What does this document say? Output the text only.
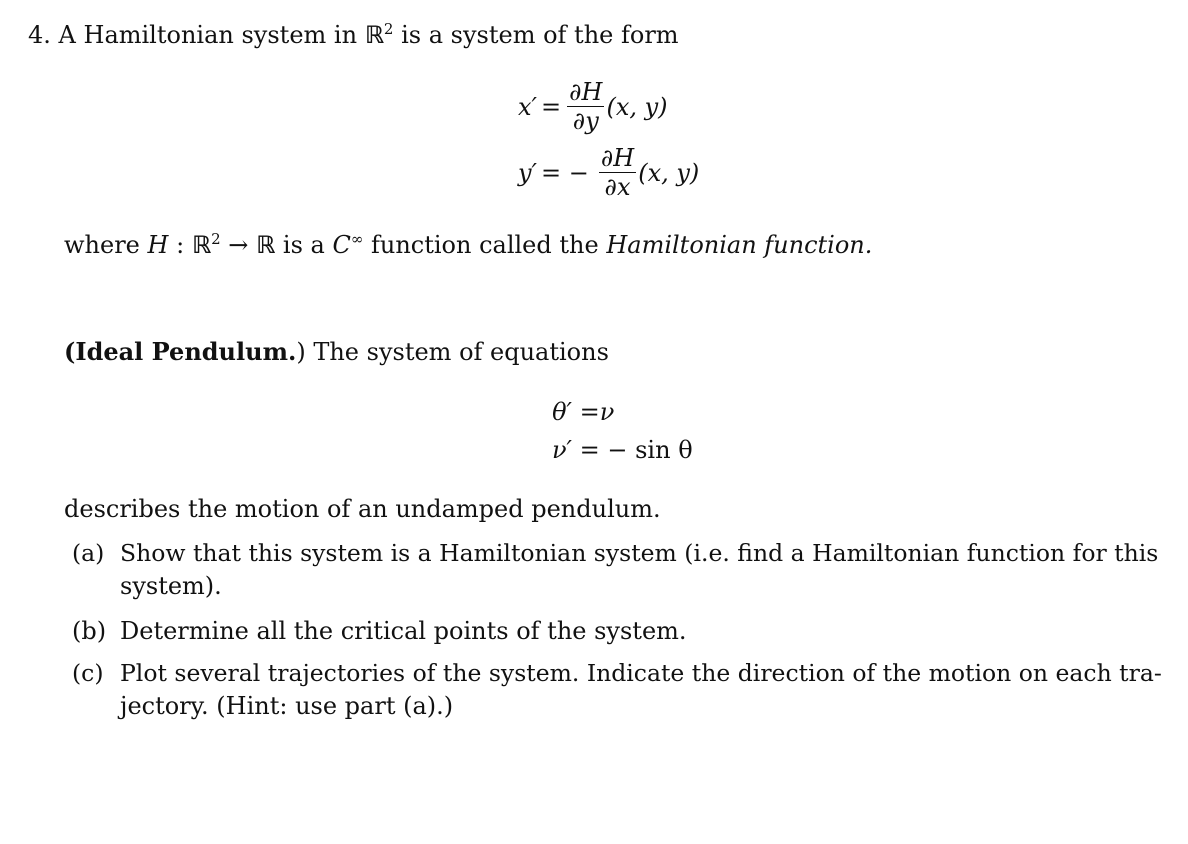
4. A Hamiltonian system in ℝ$^2$ is a system of the form
$x' = \frac{\partial H}{\partial y} (x$, y)
y′ = − $\frac{\partial H}{\partial x} (x$, y)
where H : ℝ$^2$ → ℝ is a C∞ function called the Hamiltonian function.
(Ideal Pendulum.) The system of equations
θ′ =ν
ν′ = − sin θ
describes the motion of an undamped pendulum.
(a) Show that this system is a Hamiltonian system (i.e. find a Hamiltonian function for this
system).
(b) Determine all the critical points of the system.
(c) Plot several trajectories of the system. Indicate the direction of the motion on each tra-
jectory. (Hint: use part (a).)
